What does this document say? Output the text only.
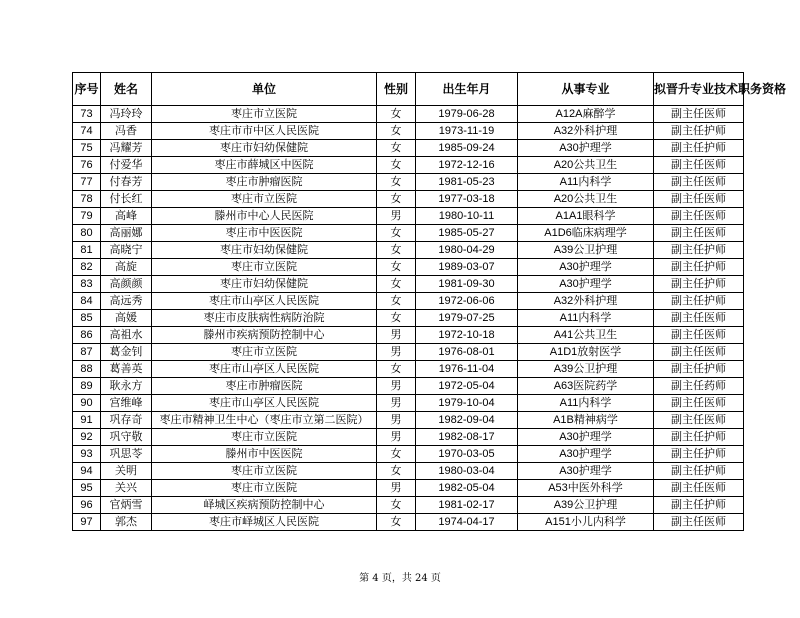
序号	姓名	单位	性别	出生年月	从事专业	拟晋升专业技术职务资格
73	冯玲玲	枣庄市立医院	女	1979-06-28	A12A麻醉学	副主任医师
74	冯香	枣庄市市中区人民医院	女	1973-11-19	A32外科护理	副主任护师
75	冯耀芳	枣庄市妇幼保健院	女	1985-09-24	A30护理学	副主任护师
76	付爱华	枣庄市薛城区中医院	女	1972-12-16	A20公共卫生	副主任医师
77	付春芳	枣庄市肿瘤医院	女	1981-05-23	A11内科学	副主任医师
78	付长红	枣庄市立医院	女	1977-03-18	A20公共卫生	副主任医师
79	高峰	滕州市中心人民医院	男	1980-10-11	A1A1眼科学	副主任医师
80	高丽娜	枣庄市中医医院	女	1985-05-27	A1D6临床病理学	副主任医师
81	高晓宁	枣庄市妇幼保健院	女	1980-04-29	A39公卫护理	副主任护师
82	高旋	枣庄市立医院	女	1989-03-07	A30护理学	副主任护师
83	高颜颜	枣庄市妇幼保健院	女	1981-09-30	A30护理学	副主任护师
84	高远秀	枣庄市山亭区人民医院	女	1972-06-06	A32外科护理	副主任护师
85	高媛	枣庄市皮肤病性病防治院	女	1979-07-25	A11内科学	副主任医师
86	高祖水	滕州市疾病预防控制中心	男	1972-10-18	A41公共卫生	副主任医师
87	葛金钊	枣庄市立医院	男	1976-08-01	A1D1放射医学	副主任医师
88	葛善英	枣庄市山亭区人民医院	女	1976-11-04	A39公卫护理	副主任护师
89	耿永方	枣庄市肿瘤医院	男	1972-05-04	A63医院药学	副主任药师
90	宫维峰	枣庄市山亭区人民医院	男	1979-10-04	A11内科学	副主任医师
91	巩存奇	枣庄市精神卫生中心（枣庄市立第二医院）	男	1982-09-04	A1B精神病学	副主任医师
92	巩守敬	枣庄市立医院	男	1982-08-17	A30护理学	副主任护师
93	巩思苓	滕州市中医医院	女	1970-03-05	A30护理学	副主任护师
94	关明	枣庄市立医院	女	1980-03-04	A30护理学	副主任护师
95	关兴	枣庄市立医院	男	1982-05-04	A53中医外科学	副主任医师
96	官炳雪	峄城区疾病预防控制中心	女	1981-02-17	A39公卫护理	副主任护师
97	郭杰	枣庄市峄城区人民医院	女	1974-04-17	A151小儿内科学	副主任医师
第 4 页，共 24 页
